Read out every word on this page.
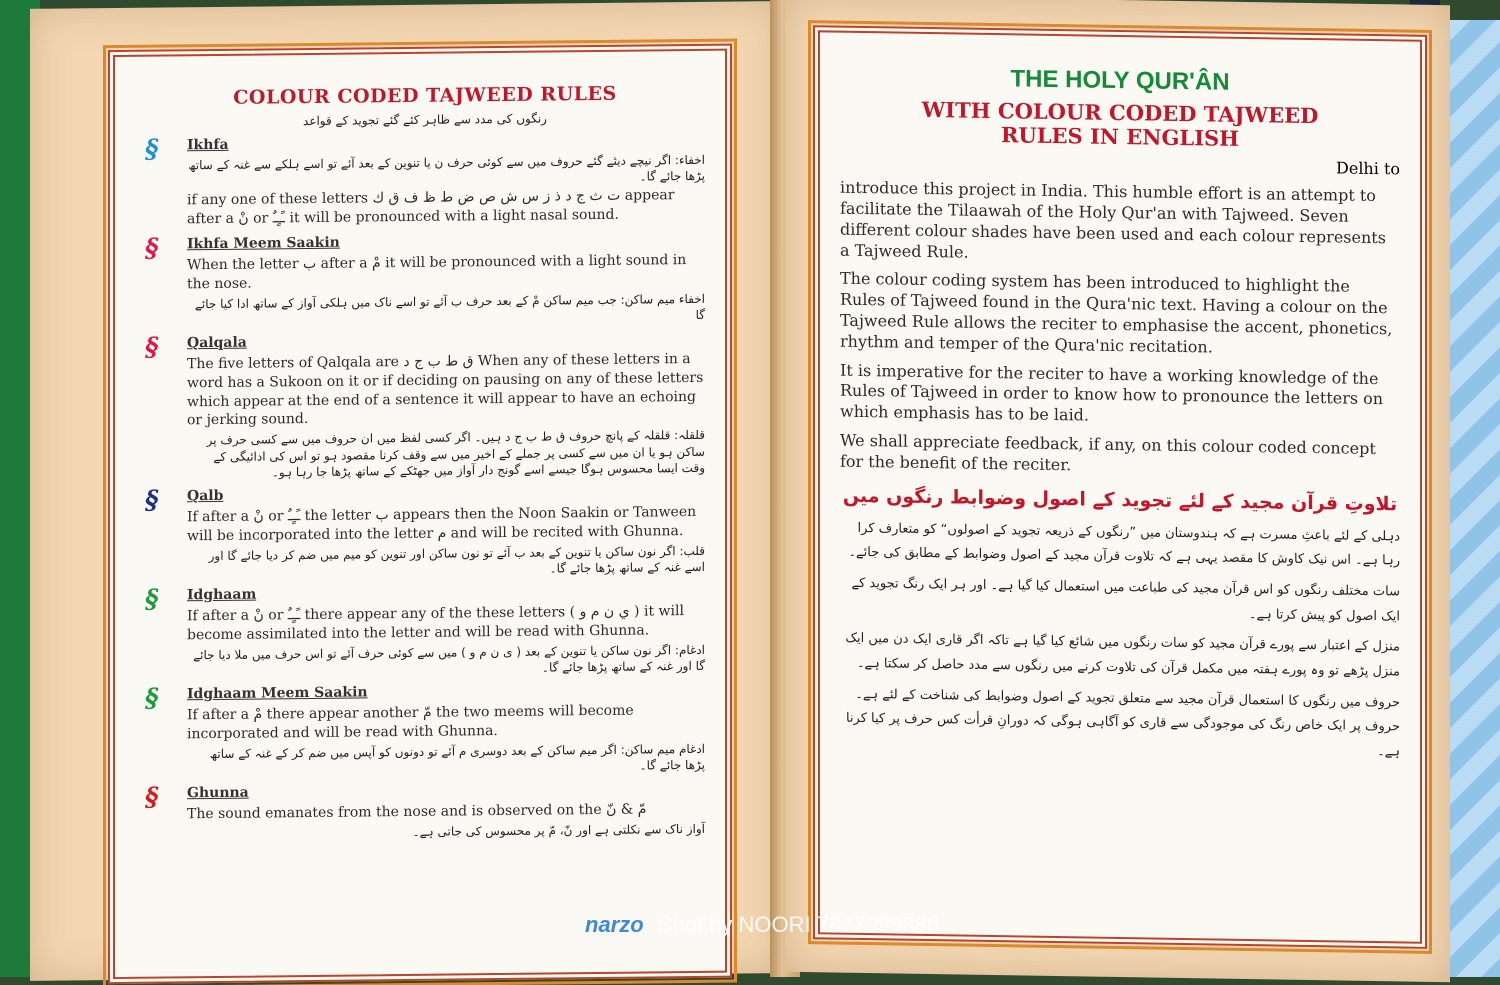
COLOUR CODED TAJWEED RULES
رنگوں کی مدد سے ظاہر کئے گئے تجوید کے قواعد
§ Ikhfa
اخفاء: اگر نیچے دیئے گئے حروف میں سے کوئی حرف ن یا تنوین کے بعد آئے تو اسے ہلکے سے غنہ کے ساتھ پڑھا جائے گا۔

if any one of these letters ت ث ج د ذ ز س ش ص ض ط ظ ف ق ك appear after a نْ or ـًـٍـٌ it will be pronounced with a light nasal sound.

§ Ikhfa Meem Saakin

When the letter ب after a مْ it will be pronounced with a light sound in the nose.

اخفاء میم ساکن: جب میم ساکن مْ کے بعد حرف ب آئے تو اسے ناک میں ہلکی آواز کے ساتھ ادا کیا جائے گا
§ Qalqala

The five letters of Qalqala are ق ط ب ج د When any of these letters in a word has a Sukoon on it or if deciding on pausing on any of these letters which appear at the end of a sentence it will appear to have an echoing or jerking sound.

قلقلہ: قلقلہ کے پانچ حروف ق ط ب ج د ہیں۔ اگر کسی لفظ میں ان حروف میں سے کسی حرف پر ساکن ہو یا ان میں سے کسی پر جملے کے اخیر میں سے وقف کرنا مقصود ہو تو اس کی ادائیگی کے وقت ایسا محسوس ہوگا جیسے اسے گونج دار آواز میں جھٹکے کے ساتھ پڑھا جا رہا ہو۔
§ Qalb

If after a نْ or ـًـٍـٌ the letter ب appears then the Noon Saakin or Tanween will be incorporated into the letter م and will be recited with Ghunna.

قلب: اگر نون ساکن یا تنوین کے بعد ب آئے تو نون ساکن اور تنوین کو میم میں ضم کر دیا جائے گا اور اسے غنہ کے ساتھ پڑھا جائے گا۔
§ Idghaam

If after a نْ or ـًـٍـٌ there appear any of the these letters ( ي ن م و ) it will become assimilated into the letter and will be read with Ghunna.

ادغام: اگر نون ساکن یا تنوین کے بعد ( ی ن م و ) میں سے کوئی حرف آئے تو اس حرف میں ملا دیا جائے گا اور غنہ کے ساتھ پڑھا جائے گا۔
§ Idghaam Meem Saakin

If after a مْ there appear another مّ the two meems will become incorporated and will be read with Ghunna.

ادغام میم ساکن: اگر میم ساکن کے بعد دوسری م آئے تو دونوں کو آپس میں ضم کر کے غنہ کے ساتھ پڑھا جائے گا۔
§ Ghunna

The sound emanates from the nose and is observed on the مّ & نّ

آواز ناک سے نکلتی ہے اور نّ، مّ پر محسوس کی جاتی ہے۔
THE HOLY QUR'ÂN
WITH COLOUR CODED TAJWEED
RULES IN ENGLISH
Delhi to

introduce this project in India. This humble effort is an attempt to facilitate the Tilaawah of the Holy Qur'an with Tajweed. Seven different colour shades have been used and each colour represents a Tajweed Rule.

The colour coding system has been introduced to highlight the Rules of Tajweed found in the Qura'nic text. Having a colour on the Tajweed Rule allows the reciter to emphasise the accent, phonetics, rhythm and temper of the Qura'nic recitation.

It is imperative for the reciter to have a working knowledge of the Rules of Tajweed in order to know how to pronounce the letters on which emphasis has to be laid.

We shall appreciate feedback, if any, on this colour coded concept for the benefit of the reciter.

تلاوتِ قرآن مجید کے لئے تجوید کے اصول وضوابط رنگوں میں

دہلی کے لئے باعثِ مسرت ہے کہ ہندوستان میں ”رنگوں کے ذریعہ تجوید کے اصولوں“ کو متعارف کرا رہا ہے۔ اس نیک کاوش کا مقصد یہی ہے کہ تلاوت قرآن مجید کے اصول وضوابط کے مطابق کی جائے۔

سات مختلف رنگوں کو اس قرآن مجید کی طباعت میں استعمال کیا گیا ہے۔ اور ہر ایک رنگ تجوید کے ایک اصول کو پیش کرتا ہے۔

منزل کے اعتبار سے پورے قرآن مجید کو سات رنگوں میں شائع کیا گیا ہے تاکہ اگر قاری ایک دن میں ایک منزل پڑھے تو وہ پورے ہفتہ میں مکمل قرآن کی تلاوت کرنے میں رنگوں سے مدد حاصل کر سکتا ہے۔

حروف میں رنگوں کا استعمال قرآن مجید سے متعلق تجوید کے اصول وضوابط کی شناخت کے لئے ہے۔ حروف پر ایک خاص رنگ کی موجودگی سے قاری کو آگاہی ہوگی کہ دورانِ قرأت کس حرف پر کیا کرنا ہے۔

narzo Shot by NOORI 7877399886
